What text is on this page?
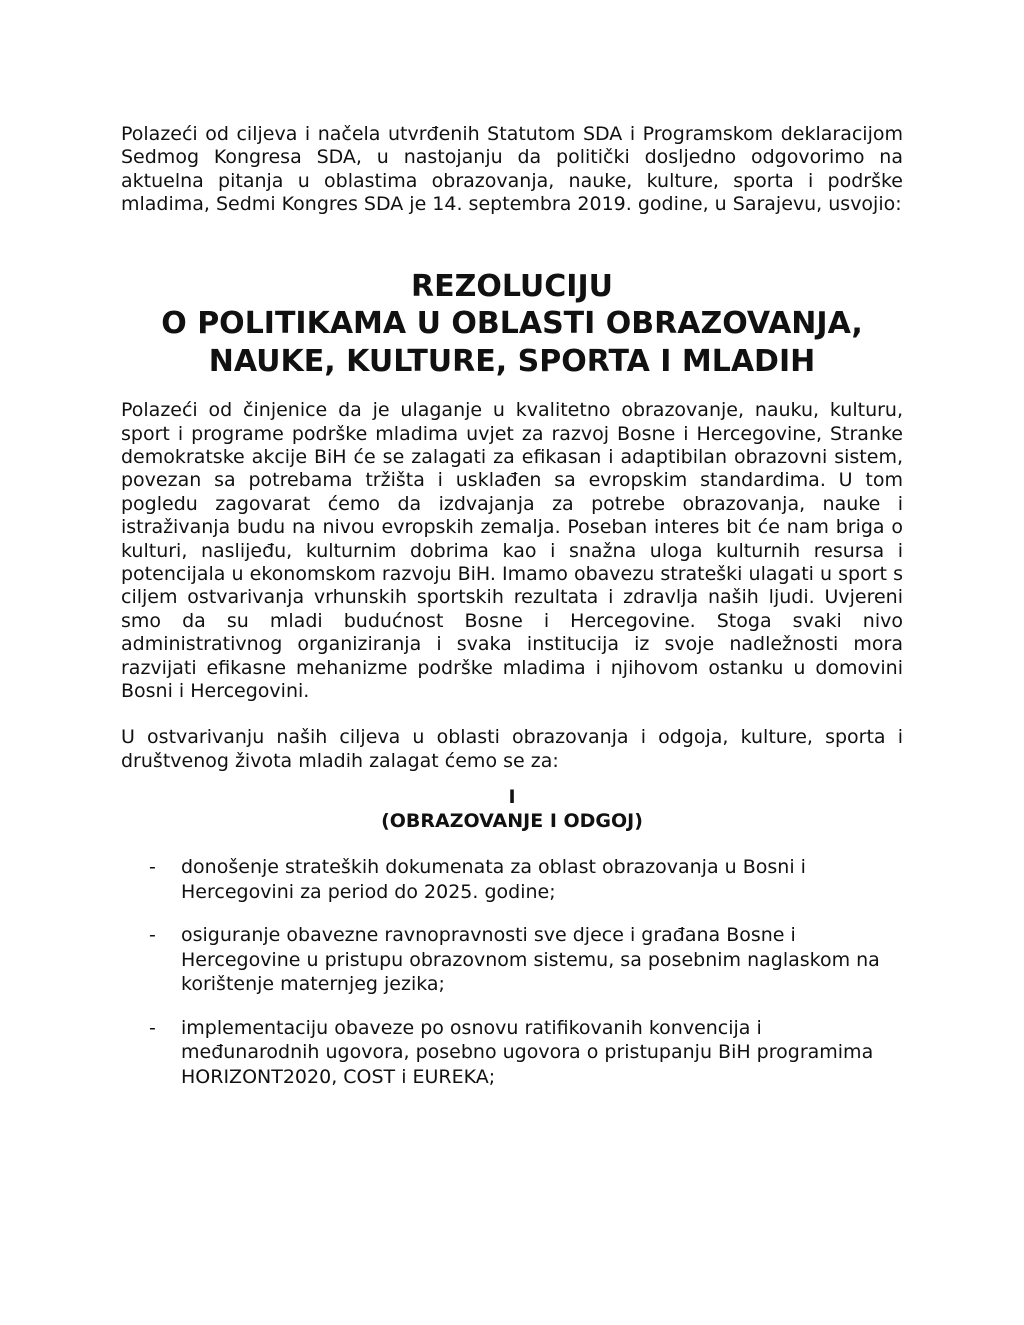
Polazeći od ciljeva i načela utvrđenih Statutom SDA i Programskom deklaracijom Sedmog Kongresa SDA, u nastojanju da politički dosljedno odgovorimo na aktuelna pitanja u oblastima obrazovanja, nauke, kulture, sporta i podrške mladima, Sedmi Kongres SDA je 14. septembra 2019. godine, u Sarajevu, usvojio:

REZOLUCIJU
O POLITIKAMA U OBLASTI OBRAZOVANJA,
NAUKE, KULTURE, SPORTA I MLADIH

Polazeći od činjenice da je ulaganje u kvalitetno obrazovanje, nauku, kulturu, sport i programe podrške mladima uvjet za razvoj Bosne i Hercegovine, Stranke demokratske akcije BiH će se zalagati za efikasan i adaptibilan obrazovni sistem, povezan sa potrebama tržišta i usklađen sa evropskim standardima. U tom pogledu zagovarat ćemo da izdvajanja za potrebe obrazovanja, nauke i istraživanja budu na nivou evropskih zemalja. Poseban interes bit će nam briga o kulturi, naslijeđu, kulturnim dobrima kao i snažna uloga kulturnih resursa i potencijala u ekonomskom razvoju BiH. Imamo obavezu strateški ulagati u sport s ciljem ostvarivanja vrhunskih sportskih rezultata i zdravlja naših ljudi. Uvjereni smo da su mladi budućnost Bosne i Hercegovine. Stoga svaki nivo administrativnog organiziranja i svaka institucija iz svoje nadležnosti mora razvijati efikasne mehanizme podrške mladima i njihovom ostanku u domovini Bosni i Hercegovini.

U ostvarivanju naših ciljeva u oblasti obrazovanja i odgoja, kulture, sporta i društvenog života mladih zalagat ćemo se za:

I
(OBRAZOVANJE I ODGOJ)
- donošenje strateških dokumenata za oblast obrazovanja u Bosni i Hercegovini za period do 2025. godine;
- osiguranje obavezne ravnopravnosti sve djece i građana Bosne i Hercegovine u pristupu obrazovnom sistemu, sa posebnim naglaskom na korištenje maternjeg jezika;
- implementaciju obaveze po osnovu ratifikovanih konvencija i međunarodnih ugovora, posebno ugovora o pristupanju BiH programima HORIZONT2020, COST i EUREKA;
